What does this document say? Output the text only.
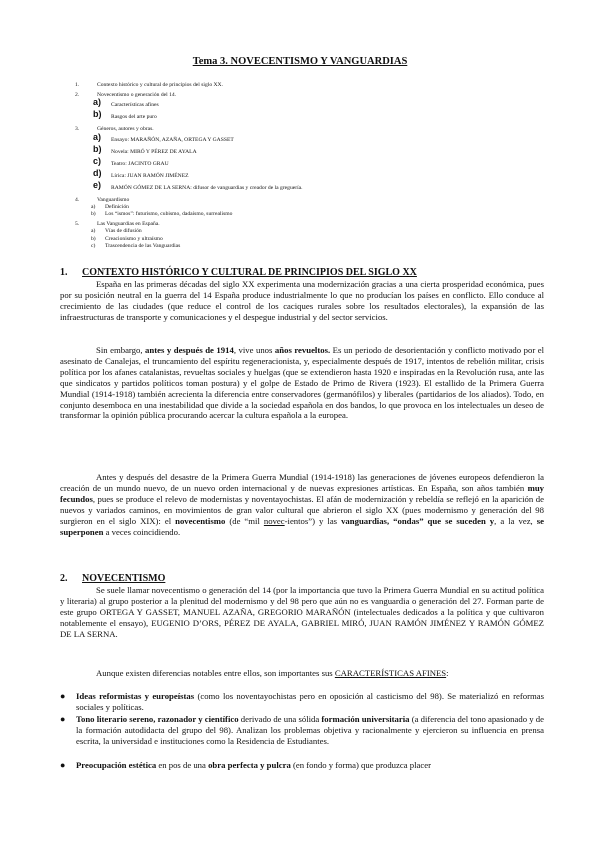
Tema 3. NOVECENTISMO Y VANGUARDIAS
1.	Contexto histórico y cultural de principios del siglo XX.
2.	Novecentismo o generación del 14.
a) Características afines
b) Rasgos del arte puro
3.	Géneros, autores y obras.
a) Ensayo: MARAÑÓN, AZAÑA, ORTEGA Y GASSET
b) Novela: MIRÓ Y PÉREZ DE AYALA
c) Teatro: JACINTO GRAU
d) Lírica: JUAN RAMÓN JIMÉNEZ
e) RAMÓN GÓMEZ DE LA SERNA: difusor de vanguardias y creador de la greguería.
4.	Vanguardismo
a) Definición
b) Los “ismos”: futurismo, cubismo, dadaísmo, surrealismo
5.	Las Vanguardias en España.
a) Vías de difusión
b) Creacionismo y ultraísmo
c) Trascendencia de las Vanguardias
1. CONTEXTO HISTÓRICO Y CULTURAL DE PRINCIPIOS DEL SIGLO XX
España en las primeras décadas del siglo XX experimenta una modernización gracias a una cierta prosperidad económica, pues por su posición neutral en la guerra del 14 España produce industrialmente lo que no producían los países en conflicto. Ello conduce al crecimiento de las ciudades (que reduce el control de los caciques rurales sobre los resultados electorales), la expansión de las infraestructuras de transporte y comunicaciones y el despegue industrial y del sector servicios.
Sin embargo, antes y después de 1914, vive unos años revueltos. Es un periodo de desorientación y conflicto motivado por el asesinato de Canalejas, el truncamiento del espíritu regeneracionista, y, especialmente después de 1917, intentos de rebelión militar, crisis política por los afanes catalanistas, revueltas sociales y huelgas (que se extendieron hasta 1920 e inspiradas en la Revolución rusa, ante las que sindicatos y partidos políticos toman postura) y el golpe de Estado de Primo de Rivera (1923). El estallido de la Primera Guerra Mundial (1914-1918) también acrecienta la diferencia entre conservadores (germanófilos) y liberales (partidarios de los aliados). Todo, en conjunto desemboca en una inestabilidad que divide a la sociedad española en dos bandos, lo que provoca en los intelectuales un deseo de transformar la opinión pública procurando acercar la cultura española a la europea.
Antes y después del desastre de la Primera Guerra Mundial (1914-1918) las generaciones de jóvenes europeos defendieron la creación de un mundo nuevo, de un nuevo orden internacional y de nuevas expresiones artísticas. En España, son años también muy fecundos, pues se produce el relevo de modernistas y noventayochistas. El afán de modernización y rebeldía se reflejó en la aparición de nuevos y variados caminos, en movimientos de gran valor cultural que abrieron el siglo XX (pues modernismo y generación del 98 surgieron en el siglo XIX): el novecentismo (de “mil novec-ientos”) y las vanguardias, “ondas” que se suceden y, a la vez, se superponen a veces coincidiendo.
2. NOVECENTISMO
Se suele llamar novecentismo o generación del 14 (por la importancia que tuvo la Primera Guerra Mundial en su actitud política y literaria) al grupo posterior a la plenitud del modernismo y del 98 pero que aún no es vanguardia o generación del 27. Forman parte de este grupo ORTEGA Y GASSET, MANUEL AZAÑA, GREGORIO MARAÑÓN (intelectuales dedicados a la política y que cultivaron notablemente el ensayo), EUGENIO D’ORS, PÉREZ DE AYALA, GABRIEL MIRÓ, JUAN RAMÓN JIMÉNEZ Y RAMÓN GÓMEZ DE LA SERNA.
Aunque existen diferencias notables entre ellos, son importantes sus CARACTERÍSTICAS AFINES:
● Ideas reformistas y europeístas (como los noventayochistas pero en oposición al casticismo del 98). Se materializó en reformas sociales y políticas.
● Tono literario sereno, razonador y científico derivado de una sólida formación universitaria (a diferencia del tono apasionado y de la formación autodidacta del grupo del 98). Analizan los problemas objetiva y racionalmente y ejercieron su influencia en prensa escrita, la universidad e instituciones como la Residencia de Estudiantes.
● Preocupación estética en pos de una obra perfecta y pulcra (en fondo y forma) que produzca placer
